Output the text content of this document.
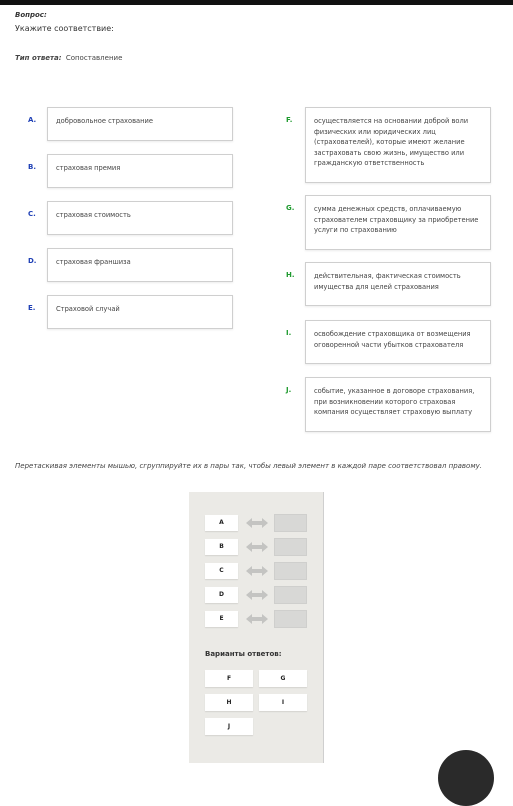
Вопрос:
Укажите соответствие:
Тип ответа: Сопоставление
A.	добровольное страхование
B.	страховая премия
C.	страховая стоимость
D.	страховая франшиза
E.	Страховой случай
F.	осуществляется на основании доброй воли физических или юридических лиц (страхователей), которые имеют желание застраховать свою жизнь, имущество или гражданскую ответственность
G.	сумма денежных средств, оплачиваемую страхователем страховщику за приобретение услуги по страхованию
H.	действительная, фактическая стоимость имущества для целей страхования
I.	освобождение страховщика от возмещения оговоренной части убытков страхователя
J.	событие, указанное в договоре страхования, при возникновении которого страховая компания осуществляет страховую выплату
Перетаскивая элементы мышью, сгруппируйте их в пары так, чтобы левый элемент в каждой паре соответствовал правому.
A
B
C
D
E
Варианты ответов:
F	G
H	I
J
